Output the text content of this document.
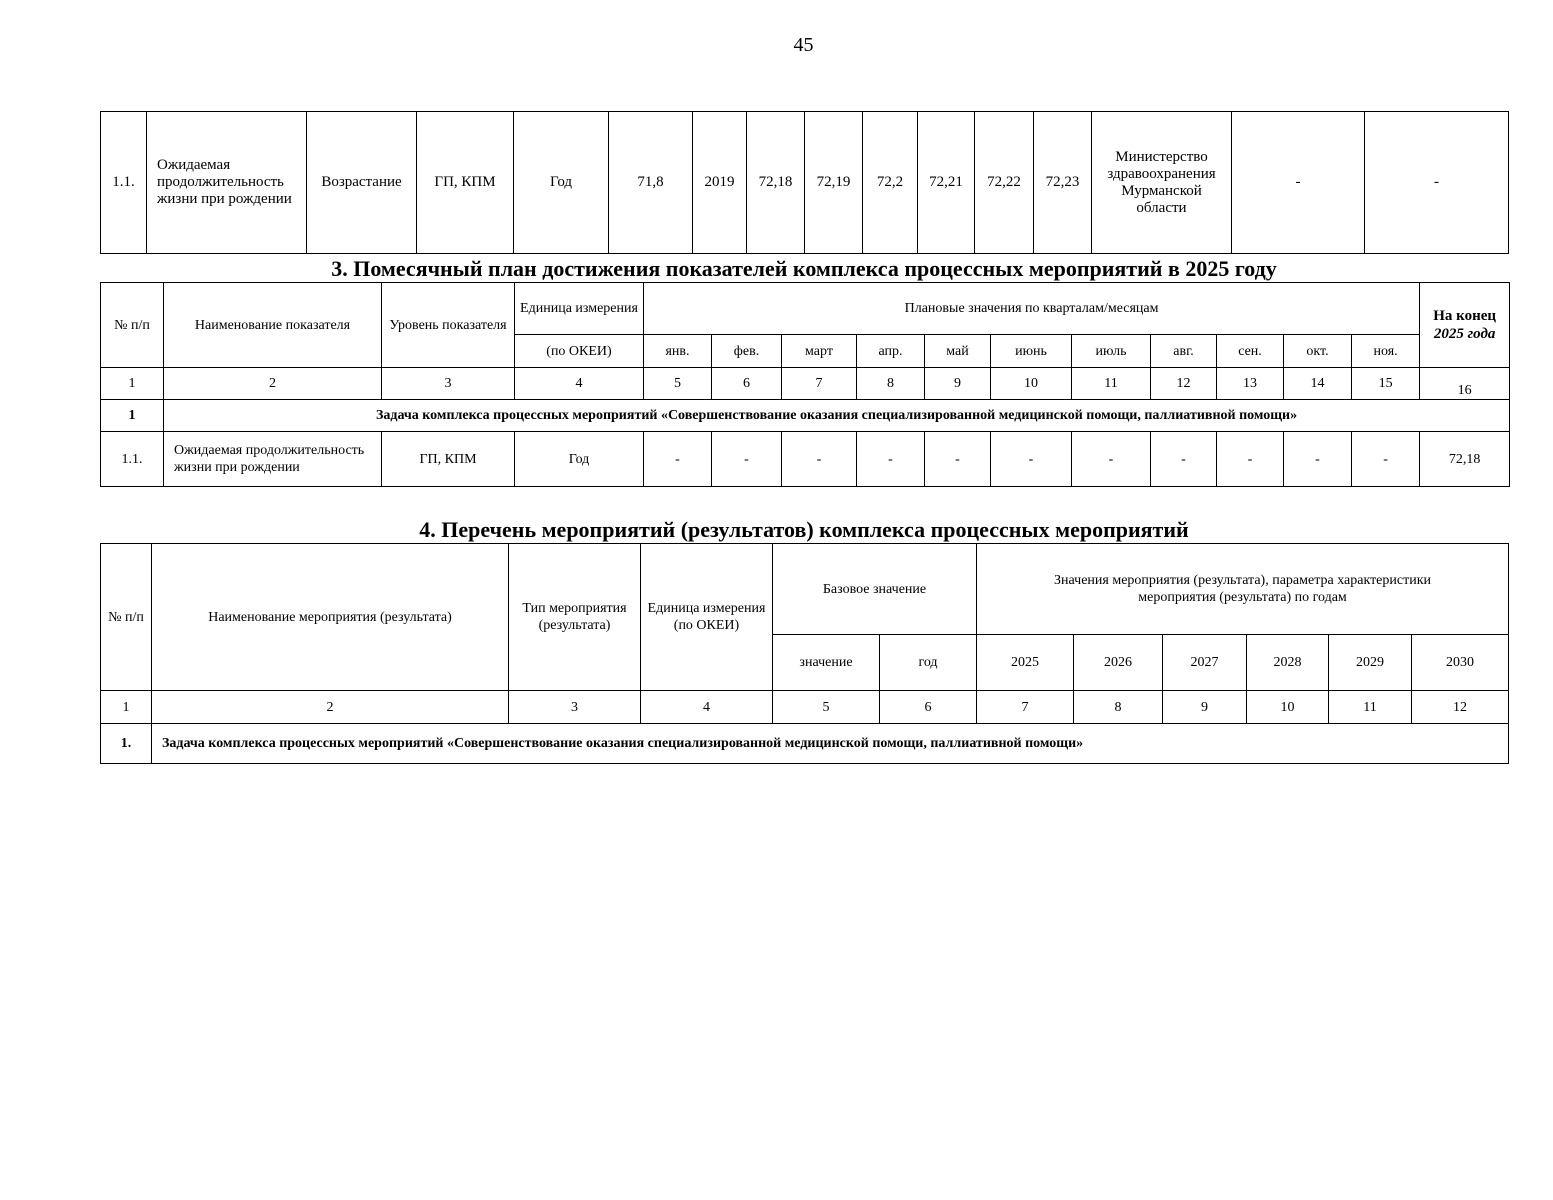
45
1.1.	Ожидаемая продолжительность жизни при рождении	Возрастание	ГП, КПМ	Год	71,8	2019	72,18	72,19	72,2	72,21	72,22	72,23	Министерство здравоохранения Мурманской области	-	-
3. Помесячный план достижения показателей комплекса процессных мероприятий в 2025 году
№ п/п	Наименование показателя	Уровень показателя	Единица измерения	Плановые значения по кварталам/месяцам											На конец
2025 года
			(по ОКЕИ)	янв.	фев.	март	апр.	май	июнь	июль	авг.	сен.	окт.	ноя.	
1	2	3	4	5	6	7	8	9	10	11	12	13	14	15	16
1	Задача комплекса процессных мероприятий «Совершенствование оказания специализированной медицинской помощи, паллиативной помощи»														
1.1.	Ожидаемая продолжительность жизни при рождении	ГП, КПМ	Год	-	-	-	-	-	-	-	-	-	-	-	72,18
4. Перечень мероприятий (результатов) комплекса процессных мероприятий
№ п/п	Наименование мероприятия (результата)	Тип мероприятия (результата)	Единица измерения (по ОКЕИ)	Базовое значение		Значения мероприятия (результата), параметра характеристики мероприятия (результата) по годам					
				значение	год	2025	2026	2027	2028	2029	2030
1	2	3	4	5	6	7	8	9	10	11	12
1.	Задача комплекса процессных мероприятий «Совершенствование оказания специализированной медицинской помощи, паллиативной помощи»										
